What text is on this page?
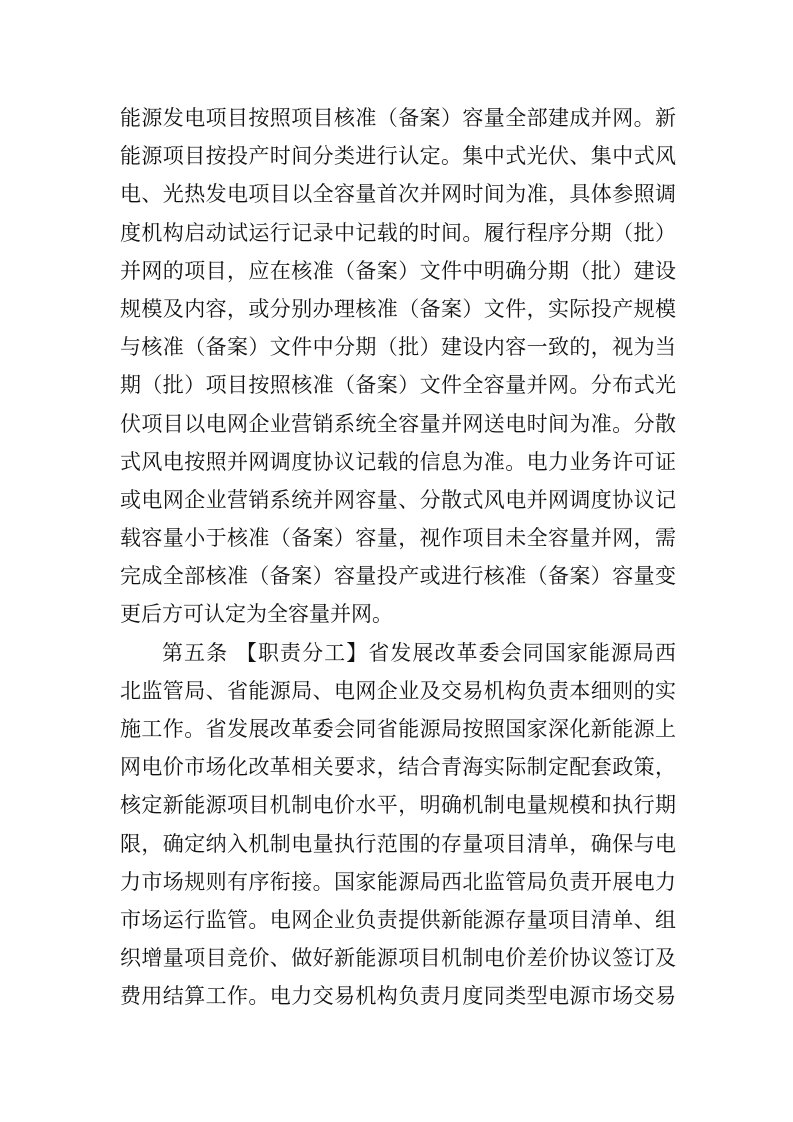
能源发电项目按照项目核准（备案）容量全部建成并网。新
能源项目按投产时间分类进行认定。集中式光伏、集中式风
电、光热发电项目以全容量首次并网时间为准，具体参照调
度机构启动试运行记录中记载的时间。履行程序分期（批）
并网的项目，应在核准（备案）文件中明确分期（批）建设
规模及内容，或分别办理核准（备案）文件，实际投产规模
与核准（备案）文件中分期（批）建设内容一致的，视为当
期（批）项目按照核准（备案）文件全容量并网。分布式光
伏项目以电网企业营销系统全容量并网送电时间为准。分散
式风电按照并网调度协议记载的信息为准。电力业务许可证
或电网企业营销系统并网容量、分散式风电并网调度协议记
载容量小于核准（备案）容量，视作项目未全容量并网，需
完成全部核准（备案）容量投产或进行核准（备案）容量变
更后方可认定为全容量并网。
第五条 【职责分工】省发展改革委会同国家能源局西
北监管局、省能源局、电网企业及交易机构负责本细则的实
施工作。省发展改革委会同省能源局按照国家深化新能源上
网电价市场化改革相关要求，结合青海实际制定配套政策，
核定新能源项目机制电价水平，明确机制电量规模和执行期
限，确定纳入机制电量执行范围的存量项目清单，确保与电
力市场规则有序衔接。国家能源局西北监管局负责开展电力
市场运行监管。电网企业负责提供新能源存量项目清单、组
织增量项目竞价、做好新能源项目机制电价差价协议签订及
费用结算工作。电力交易机构负责月度同类型电源市场交易
